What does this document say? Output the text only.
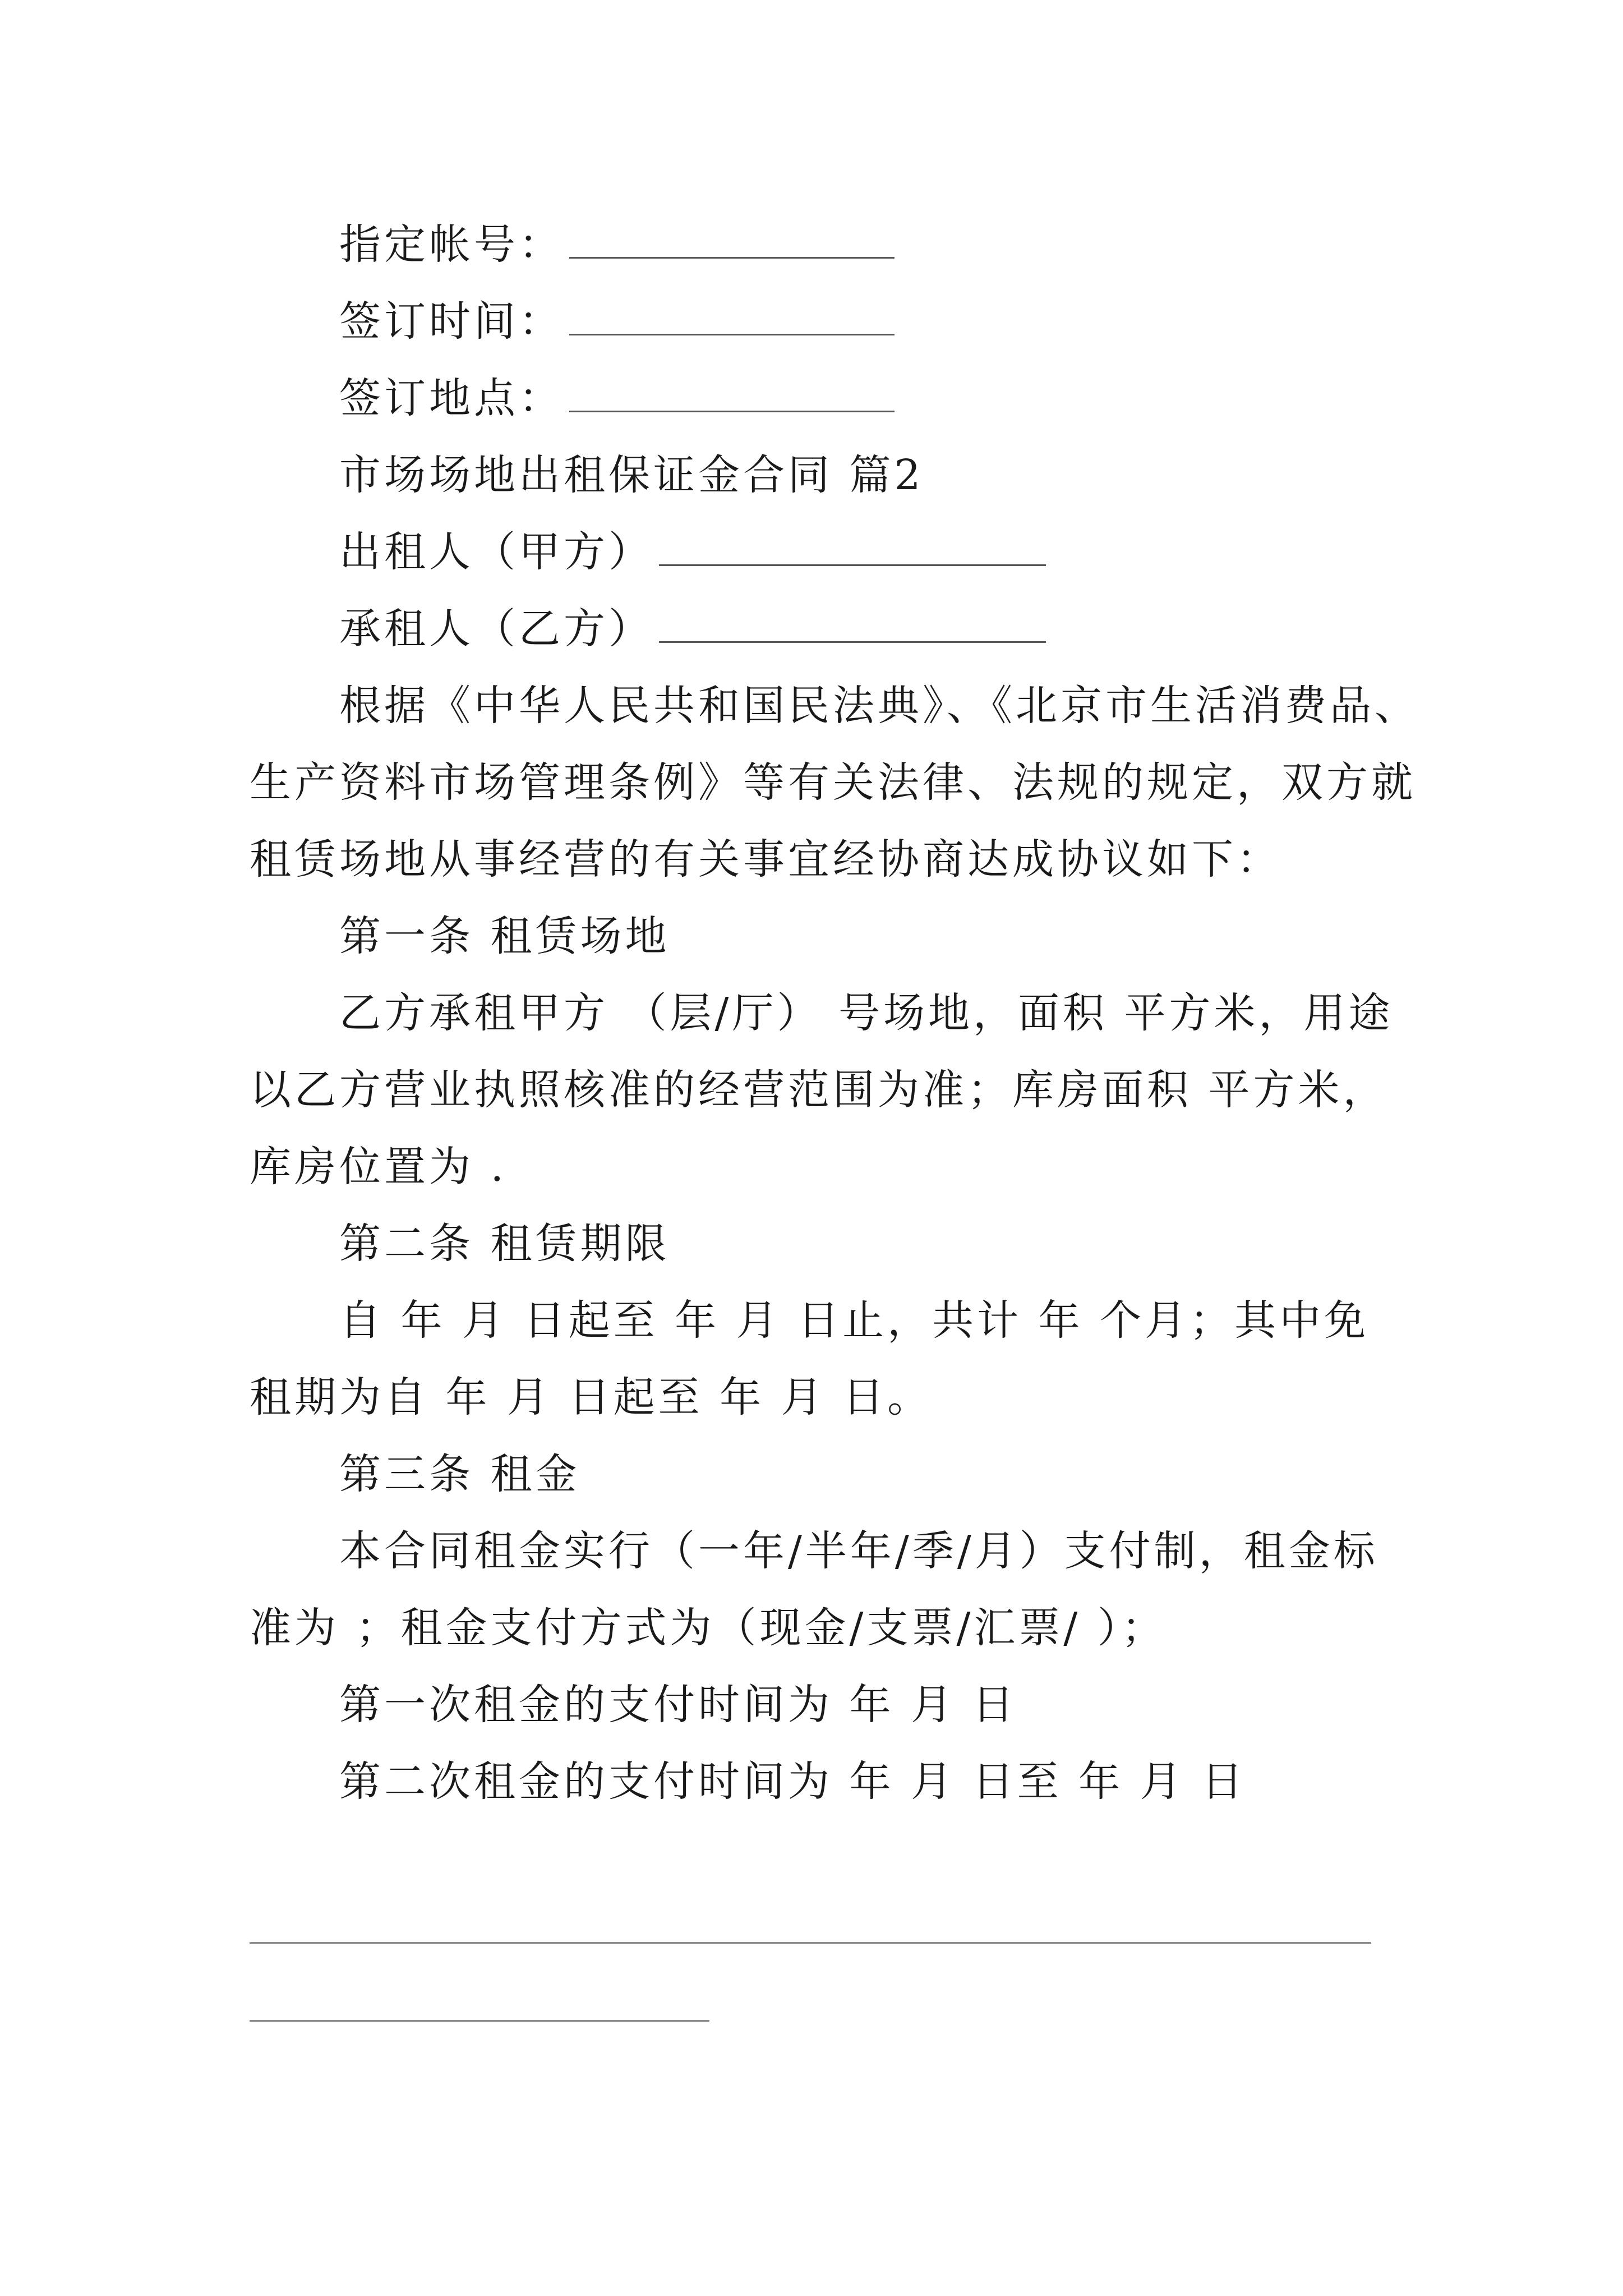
指定帐号：
签订时间：
签订地点：
市场场地出租保证金合同 篇2
出租人（甲方）
承租人（乙方）
根据《中华人民共和国民法典》、《北京市生活消费品、
生产资料市场管理条例》等有关法律、法规的规定，双方就
租赁场地从事经营的有关事宜经协商达成协议如下：
第一条 租赁场地
乙方承租甲方 （层/厅） 号场地，面积 平方米，用途
以乙方营业执照核准的经营范围为准；库房面积 平方米，
库房位置为 .
第二条 租赁期限
自 年 月 日起至 年 月 日止，共计 年 个月；其中免
租期为自 年 月 日起至 年 月 日。
第三条 租金
本合同租金实行（一年/半年/季/月）支付制，租金标
准为 ；租金支付方式为（现金/支票/汇票/ ）；
第一次租金的支付时间为 年 月 日
第二次租金的支付时间为 年 月 日至 年 月 日
